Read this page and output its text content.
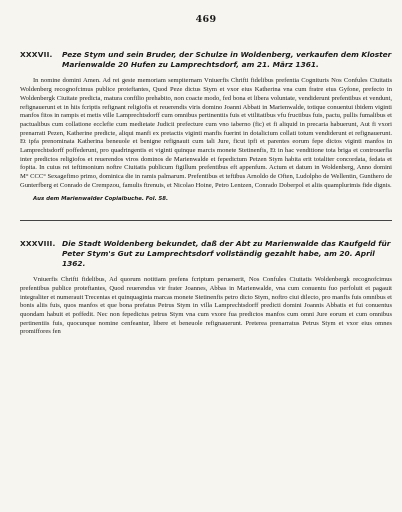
469
XXXVII.	Peze Stym und sein Bruder, der Schulze in Woldenberg, verkaufen dem Kloster Marienwalde 20 Hufen zu Lamprechtsdorf, am 21. März 1361.
In nomine domini Amen. Ad rei geste memoriam sempiternam Vniuerfis Chrifti fidelibus prefentia Cognituris Nos Confules Ciuitatis Woldenberg recognofcimus publice proteftantes, Quod Peze dictus Stym et vxor eius Katherina vna cum fratre eius Gyfone, prefecto in Woldenbergk Ciuitate predicta, matura confilio prehabito, non coacte modo, fed bona et libera voluntate, vendiderunt prefentibus et vendunt, refignauerunt et in hiis fcriptis refignant religiofis et reuerendis viris domino Joanni Abbati in Marienwalde, totique conuentui ibidem viginti manfos fitos in rampis et metis ville Lamprechtsdorff cum omnibus pertinentiis fuis et vtilitatibus vfu fructibus fuis, pactu, pullis fumalibus et pactualibus cum collatione ecclefie cum medietate Judicii prefecture cum vno iaberno (fic) et fi aliquid in precaria habuerunt, Aut fi vxori prenarrati Pezen, Katherine predicte, aliqui manfi ex pretactis viginti manfis fuerint in dotalicium collati totum vendiderunt et refignauerunt. Et ipfa prenominata Katherina beneuole et benigne refignauit cum tali Jure, ficut ipfi et parentes eorum fepe dictos viginti manfos in Lamprechtsdorff poffederunt, pro quadringentis et viginti quinque marcis monete Stetinenfis, Et in hac venditione tota briga et controuerfia inter predictos religiofos et reuerendos viros dominos de Marienwalde et fepedictum Petzen Stym habita erit totaliter concordata, fedata et fopita. In cuius rei teftimonium noftre Ciuitatis publicum figillum prefentibus eft appenfum. Actum et datum in Woldenberg, Anno domini M° CCC° Sexagefimo primo, dominica die in ramis palmarum. Prefentibus et teftibus Arnoldo de Often, Ludolpho de Wellentin, Gunthero de Gunterfberg et Conrado de Crempzou, famulis ftrenuis, et Nicolao Hoine, Petro Lentzen, Conrado Doberpol et aliis quamplurimis fide dignis.
Aus dem Marienwalder Copialbuche. Fol. 58.
XXXVIII. Die Stadt Woldenberg bekundet, daß der Abt zu Marienwalde das Kaufgeld für Peter Stym's Gut zu Lamprechtsdorf vollständig gezahlt habe, am 20. April 1362.
Vniuerfis Chrifti fidelibus, Ad quorum notitiam prefens fcriptum peruenerit, Nos Confules Ciuitatis Woldenbergk recognofcimus prefentibus publice proteftantes, Quod reuerendus vir frater Joannes, Abbas in Marienwalde, vna cum conuentu fuo perfoluit et pagauit integraliter et numerauit Trecentas et quinquaginta marcas monete Stetinenfis petro dicto Stym, noftro ciui dilecto, pro manfis fuis omnibus et bonis aliis fuis, quos manfos et que bona prefatus Petrus Stym in villa Lamprechtsdorff predicti domini Joannis Abbatis et fui conuentus quondam habuit et poffedit. Nec non fepedictus petrus Stym vna cum vxore fua predictos manfos cum omni Jure eorum et cum omnibus pertinentiis fuis, quocunque nomine cenfeantur, libere et beneuole refignauerunt. Preterea prenarratus Petrus Stym et vxor eius omnes promiffores fen
